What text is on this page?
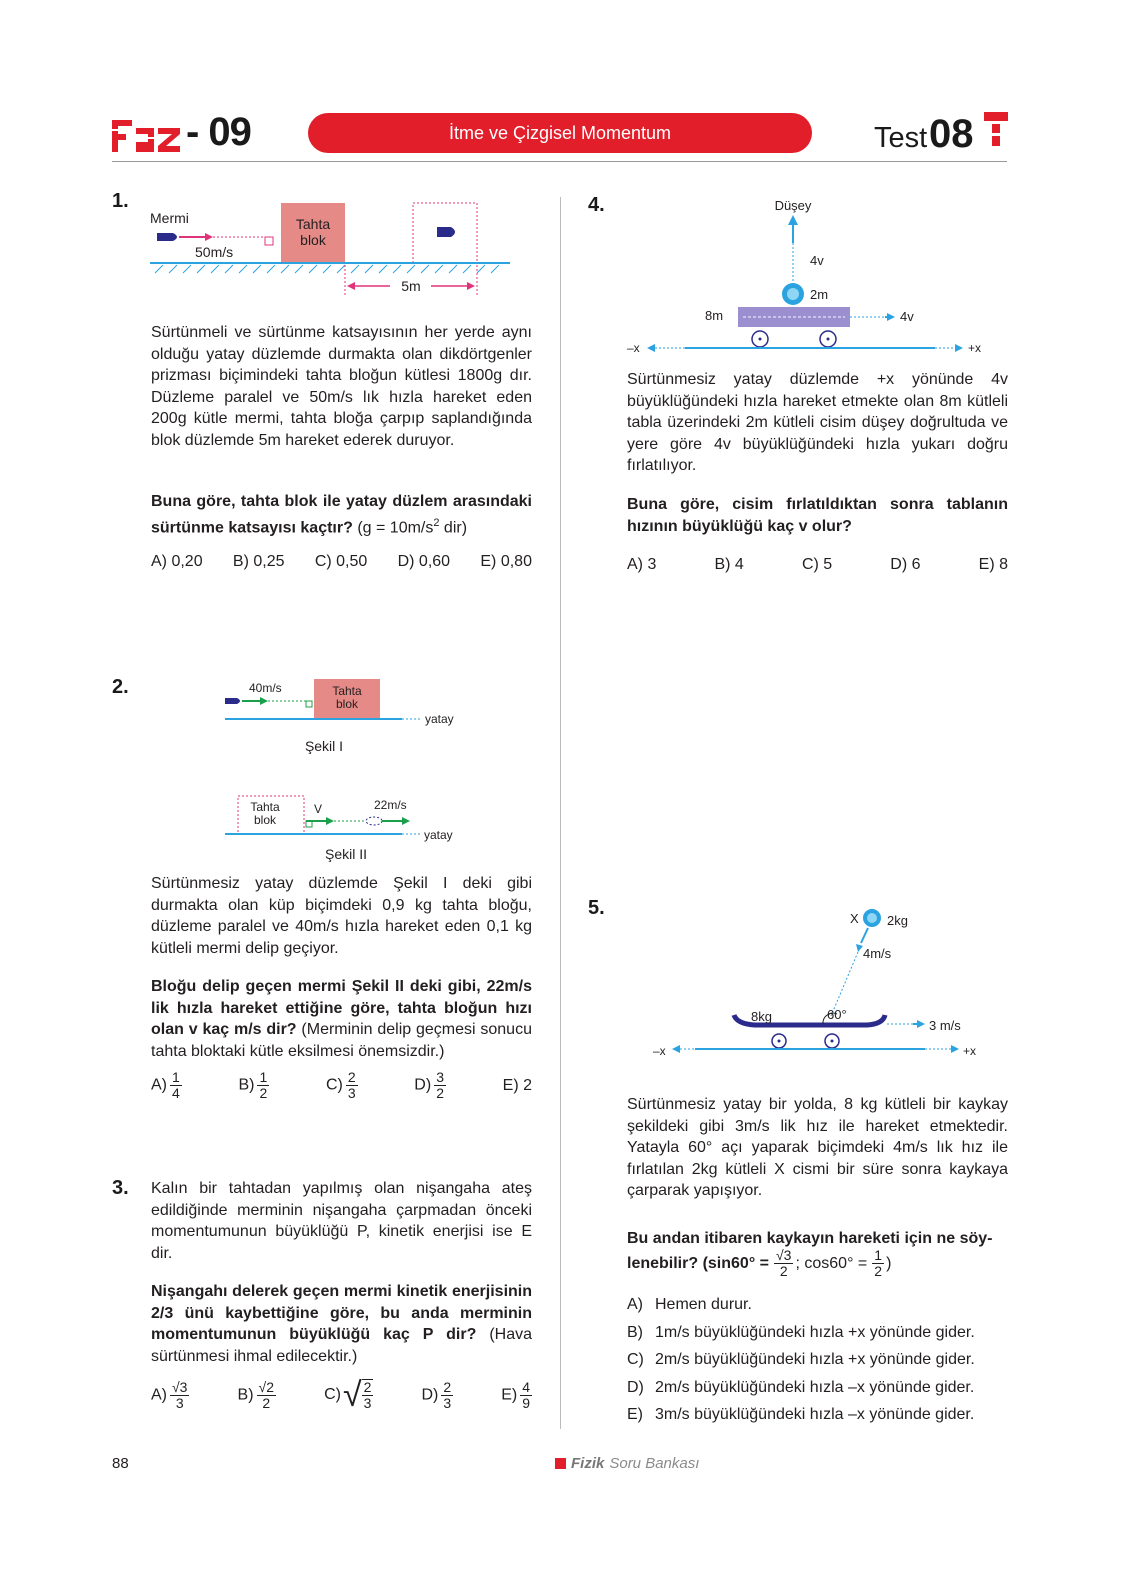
- 09	İtme ve Çizgisel Momentum	Test 08
1.
Mermi
50m/s
Tahta
blok
5m
Sürtünmeli ve sürtünme katsayısının her yerde aynı olduğu yatay düzlemde durmakta olan dikdörtgenler prizması biçimindeki tahta bloğun kütlesi 1800g dır. Düzleme paralel ve 50m/s lık hızla hareket eden 200g kütle mermi, tahta bloğa çarpıp saplandığında blok düzlemde 5m hareket ederek duruyor.
Buna göre, tahta blok ile yatay düzlem arasındaki sürtünme katsayısı kaçtır? ($g = 10m/s^2$ dir)
A) 0,20 B) 0,25 C) 0,50 D) 0,60 E) 0,80
2.	40m/s	Tahta
blok
yatay
Şekil I
Tahta
blok
V	22m/s
yatay
Şekil II
Sürtünmesiz yatay düzlemde Şekil I deki gibi durmakta olan küp biçimdeki 0,9 kg tahta bloğu, düzleme paralel ve 40m/s hızla hareket eden 0,1 kg kütleli mermi delip geçiyor.
Bloğu delip geçen mermi Şekil II deki gibi, 22m/s lik hızla hareket ettiğine göre, tahta bloğun hızı olan v kaç m/s dir? (Merminin delip geçmesi sonucu tahta bloktaki kütle eksilmesi önemsizdir.)
$A) \frac{1}{4}$	$B) \frac{1}{2}$	$C) \frac{2}{3}$	$D) \frac{3}{2}$	E) 2
3. Kalın bir tahtadan yapılmış olan nişangaha ateş edildiğinde merminin nişangaha çarpmadan önceki momentumunun büyüklüğü P, kinetik enerjisi ise E dir.
Nişangahı delerek geçen mermi kinetik enerjisinin 2/3 ünü kaybettiğine göre, bu anda merminin momentumunun büyüklüğü kaç P dir? (Hava sürtünmesi ihmal edilecektir.)
$A) \frac{√3}{3}$	$B) \frac{√2}{2}$	C) √ $\frac{2}{3}$	$D) \frac{2}{3}$	$E) \frac{4}{9}$
4.	Düşey
4v
2m
8m	4v
–x	+x
Sürtünmesiz yatay düzlemde +x yönünde 4v büyüklüğündeki hızla hareket etmekte olan 8m kütleli tabla üzerindeki 2m kütleli cisim düşey doğrultuda ve yere göre 4v büyüklüğündeki hızla yukarı doğru fırlatılıyor.
Buna göre, cisim fırlatıldıktan sonra tablanın hızının büyüklüğü kaç v olur?
A) 3	B) 4	C) 5	D) 6	E) 8
5.	X 2kg
4m/s
8kg	60°
3 m/s
–x	+x
Sürtünmesiz yatay bir yolda, 8 kg kütleli bir kaykay şekildeki gibi 3m/s lik hız ile hareket etmektedir. Yatayla 60° açı yaparak biçimdeki 4m/s lık hız ile fırlatılan 2kg kütleli X cismi bir süre sonra kaykaya çarparak yapışıyor.
Bu andan itibaren kaykayın hareketi için ne söy-
lenebilir? ($\sin 60^\circ = \frac{√3}{2}$ ; $\cos 60^\circ = \frac{1}{2}$ )
A) Hemen durur.
B) 1m/s büyüklüğündeki hızla +x yönünde gider.
C) 2m/s büyüklüğündeki hızla +x yönünde gider.
D) 2m/s büyüklüğündeki hızla –x yönünde gider.
E) 3m/s büyüklüğündeki hızla –x yönünde gider.
88	Fizik Soru Bankası
